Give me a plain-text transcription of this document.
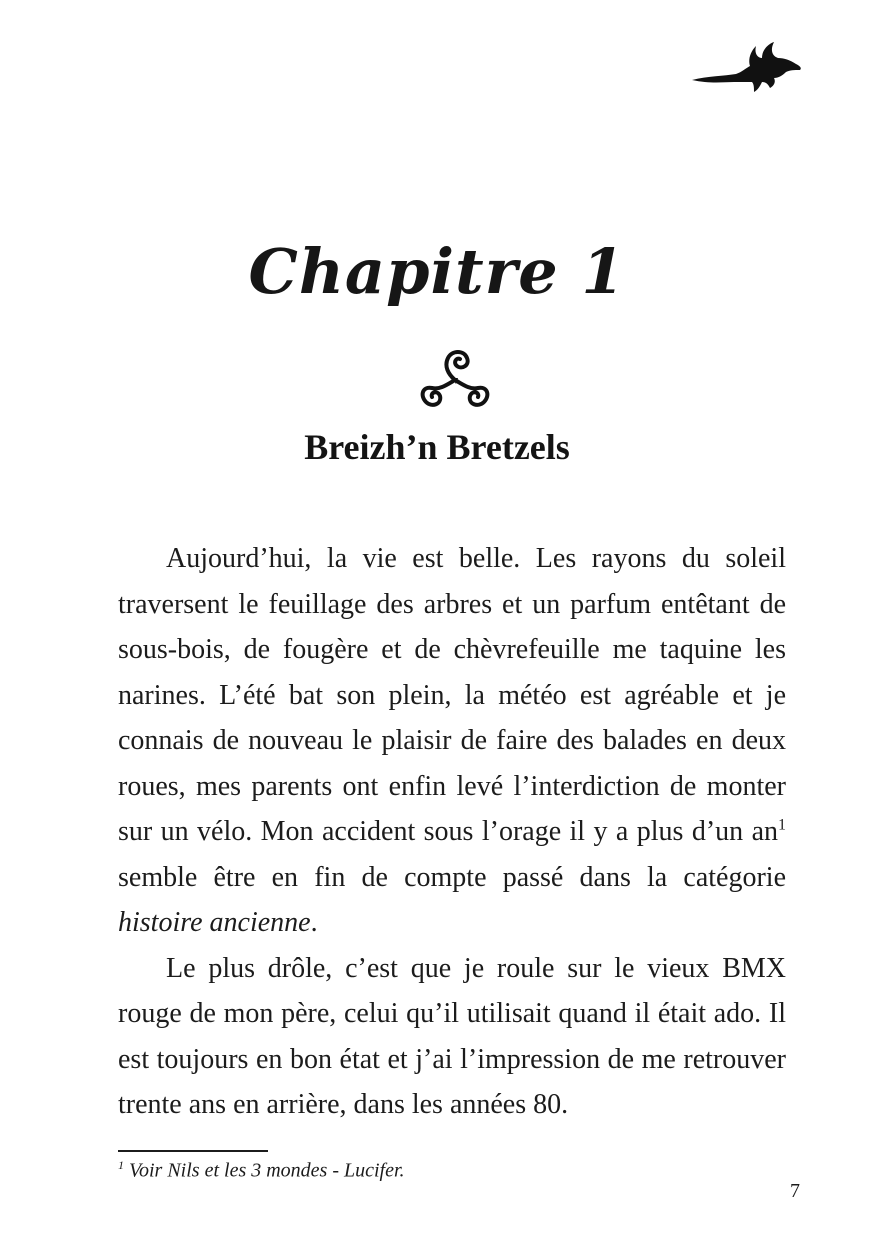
Chapitre 1
Breizh’n Bretzels

Aujourd’hui, la vie est belle. Les rayons du soleil traversent le feuillage des arbres et un parfum entêtant de sous-bois, de fougère et de chèvrefeuille me taquine les narines. L’été bat son plein, la météo est agréable et je connais de nouveau le plaisir de faire des balades en deux roues, mes parents ont enfin levé l’interdiction de monter sur un vélo. Mon accident sous l’orage il y a plus d’un an$^1$ semble être en fin de compte passé dans la catégorie histoire ancienne.

Le plus drôle, c’est que je roule sur le vieux BMX rouge de mon père, celui qu’il utilisait quand il était ado. Il est toujours en bon état et j’ai l’impression de me retrouver trente ans en arrière, dans les années 80.

$^1$ Voir Nils et les 3 mondes - Lucifer.
7
